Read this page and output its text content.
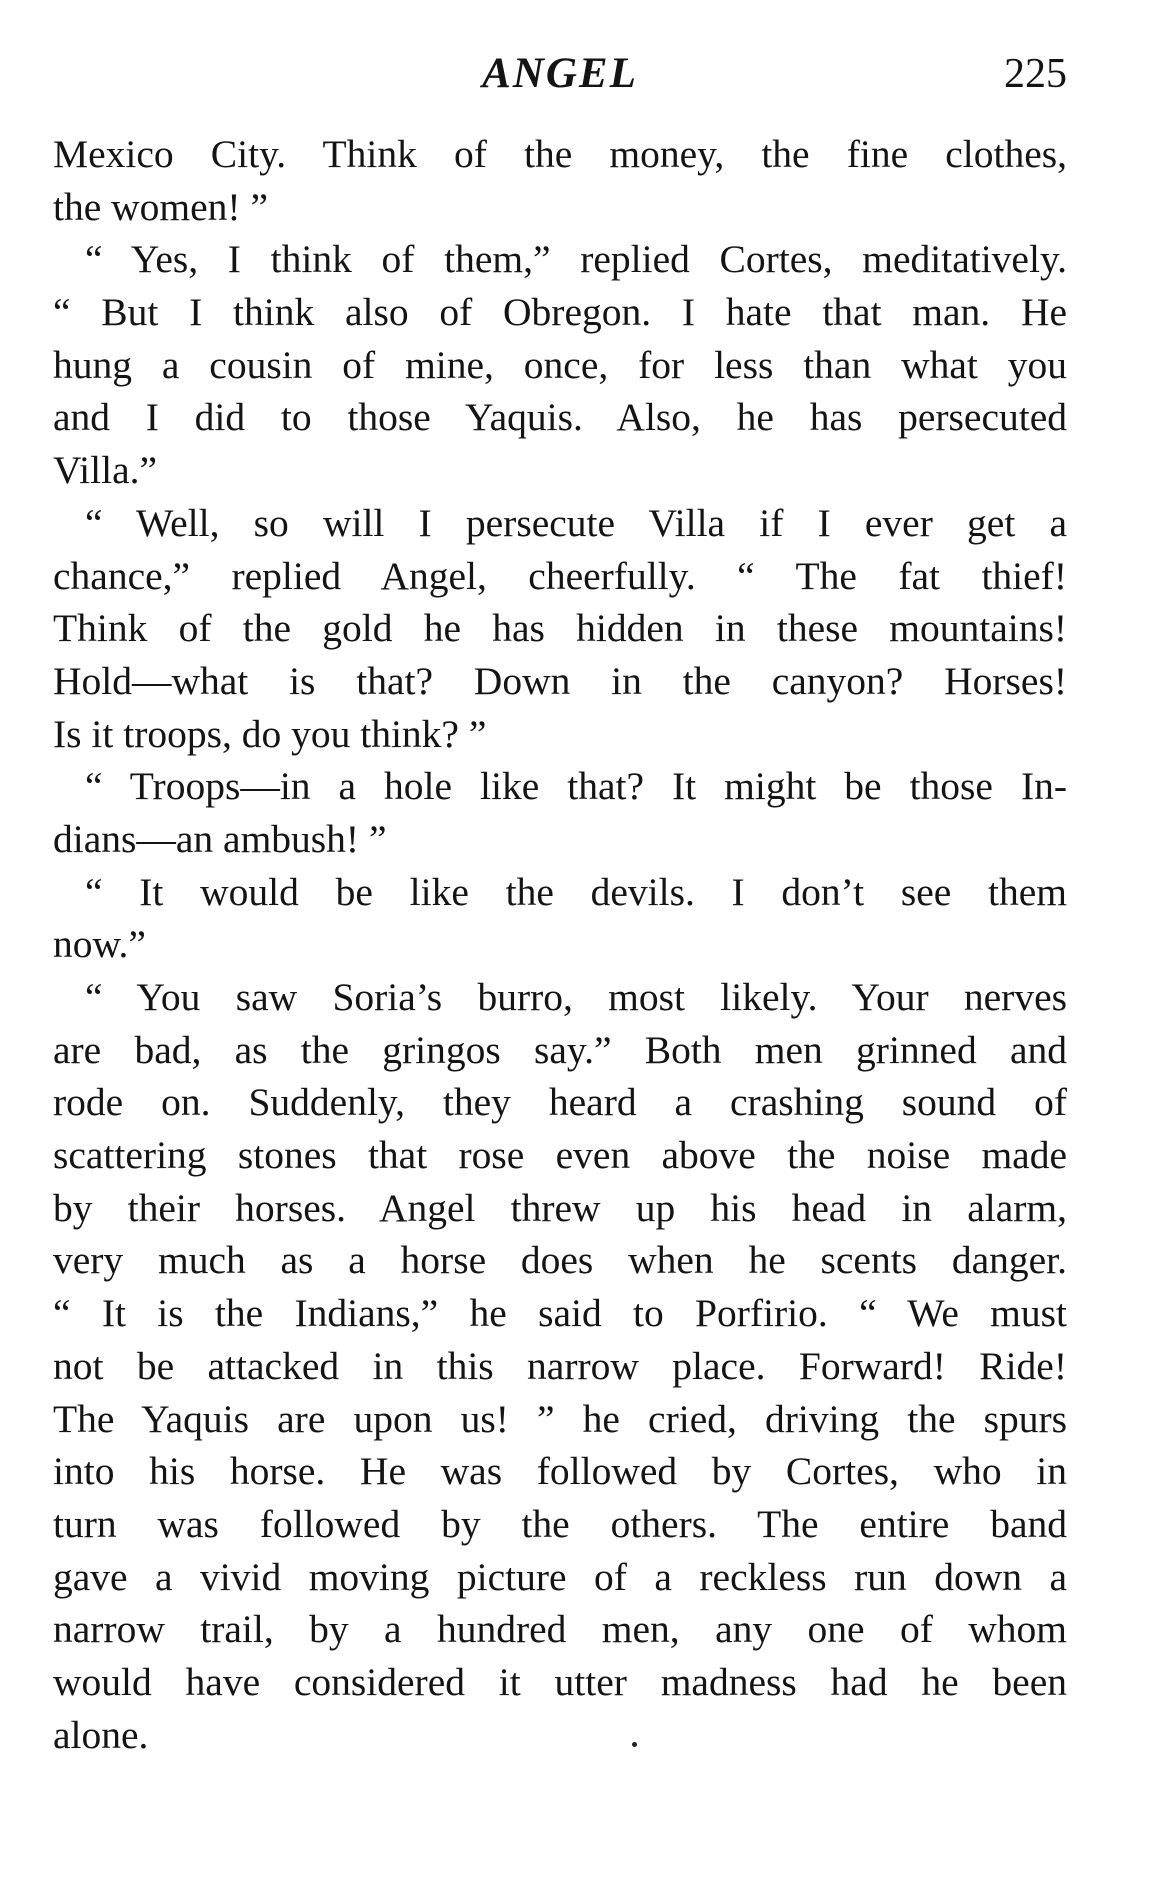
ANGEL	225
Mexico City. Think of the money, the fine clothes,
the women! ”
“ Yes, I think of them,” replied Cortes, meditatively.
“ But I think also of Obregon. I hate that man. He
hung a cousin of mine, once, for less than what you
and I did to those Yaquis. Also, he has persecuted
Villa.”
“ Well, so will I persecute Villa if I ever get a
chance,” replied Angel, cheerfully. “ The fat thief!
Think of the gold he has hidden in these mountains!
Hold—what is that? Down in the canyon? Horses!
Is it troops, do you think? ”
“ Troops—in a hole like that? It might be those In-
dians—an ambush! ”
“ It would be like the devils. I don’t see them
now.”
“ You saw Soria’s burro, most likely. Your nerves
are bad, as the gringos say.” Both men grinned and
rode on. Suddenly, they heard a crashing sound of
scattering stones that rose even above the noise made
by their horses. Angel threw up his head in alarm,
very much as a horse does when he scents danger.
“ It is the Indians,” he said to Porfirio. “ We must
not be attacked in this narrow place. Forward! Ride!
The Yaquis are upon us! ” he cried, driving the spurs
into his horse. He was followed by Cortes, who in
turn was followed by the others. The entire band
gave a vivid moving picture of a reckless run down a
narrow trail, by a hundred men, any one of whom
would have considered it utter madness had he been
alone.
